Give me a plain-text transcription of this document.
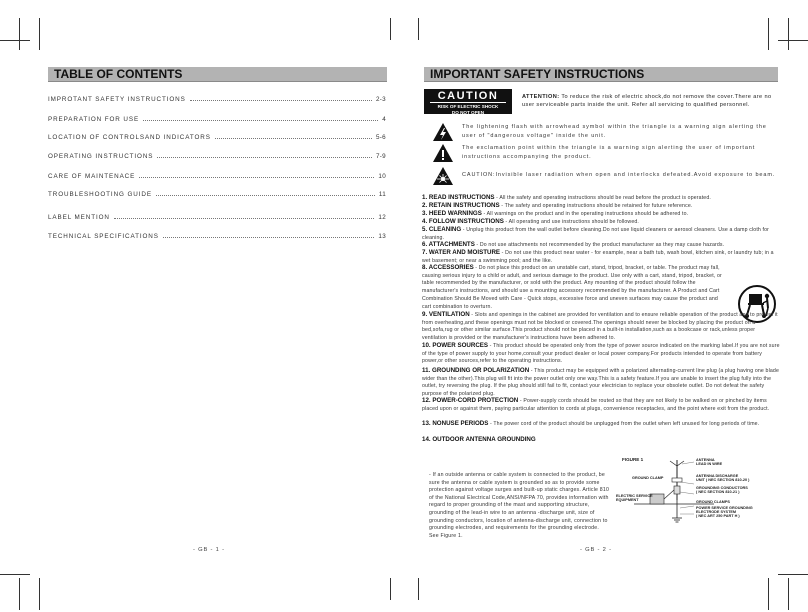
TABLE OF CONTENTS
IMPROTANT SAFETY INSTRUCTIONS	2-3
PREPARATION FOR USE	4
LOCATION OF CONTROLSAND INDICATORS	5-6
OPERATING INSTRUCTIONS	7-9
CARE OF MAINTENACE	10
TROUBLESHOOTING GUIDE	11
LABEL MENTION	12
TECHNICAL SPECIFICATIONS	13
- GB - 1 -
IMPORTANT SAFETY INSTRUCTIONS
CAUTION
RISK OF ELECTRIC SHOCK
DO NOT OPEN
ATTENTION: To reduce the risk of electric shock,do not remove the cover.There are no user serviceable parts inside the unit. Refer all servicing to qualified personnel.
The lightening flash with arrowhead symbol within the triangle is a warning sign alerting the user of "dangerous voltage" inside the unit.
The exclamation point within the triangle is a warning sign alerting the user of important instructions accompanying the product.
CAUTION:Invisible laser radiation when open and interlocks defeated.Avoid exposure to beam.
1. READ INSTRUCTIONS - All the safety and operating instructions should be read before the product is operated.
2. RETAIN INSTRUCTIONS - The safety and operating instructions should be retained for future reference.
3. HEED WARNINGS - All warnings on the product and in the operating instructions should be adhered to.
4. FOLLOW INSTRUCTIONS - All operating and use instructions should be followed.
5. CLEANING - Unplug this product from the wall outlet before cleaning.Do not use liquid cleaners or aerosol cleaners. Use a damp cloth for cleaning.
6. ATTACHMENTS - Do not use attachments not recommended by the product manufacturer as they may cause hazards.
7. WATER AND MOISTURE - Do not use this product near water - for example, near a bath tub, wash bowl, kitchen sink, or laundry tub; in a wet basement; or near a swimming pool; and the like.
8. ACCESSORIES - Do not place this product on an unstable cart, stand, tripod, bracket, or table. The product may fall, causing serious injury to a child or adult, and serious damage to the product. Use only with a cart, stand, tripod, bracket, or table recommended by the manufacturer, or sold with the product. Any mounting of the product should follow the manufacturer's instructions, and should use a mounting accessory recommended by the manufacturer. A Product and Cart Combination Should Be Moved with Care - Quick stops, excessive force and uneven surfaces may cause the product and cart combination to overturn.
9. VENTILATION - Slots and openings in the cabinet are provided for ventilation and to ensure reliable operation of the product and to protect it from overheating,and these openings must not be blocked or covered.The openings should never be blocked by placing the product on a bed,sofa,rug or other similar surface.This product should not be placed in a built-in installation,such as a bookcase or rack,unless proper ventilation is provided or the manufacturer's instructions have been adhered to.
10. POWER SOURCES - This product should be operated only from the type of power source indicated on the marking label.If you are not sure of the type of power supply to your home,consult your product dealer or local power company.For products intended to operate from battery power,or other sources,refer to the operating instructions.
11. GROUNDING OR POLARIZATION - This product may be equipped with a polarized alternating-current line plug (a plug having one blade wider than the other).This plug will fit into the power outlet only one way.This is a safety feature.If you are unable to insert the plug fully into the outlet, try reversing the plug. If the plug should still fail to fit, contact your electrician to replace your obsolete outlet. Do not defeat the safety purpose of the polarized plug.
12. POWER-CORD PROTECTION - Power-supply cords should be routed so that they are not likely to be walked on or pinched by items placed upon or against them, paying particular attention to cords at plugs, convenience receptacles, and the point where exit from the product.
13. NONUSE PERIODS - The power cord of the product should be unplugged from the outlet when left unused for long periods of time.
14. OUTDOOR ANTENNA GROUNDING
- If an outside antenna or cable system is connected to the product, be sure the antenna or cable system is grounded so as to provide some protection against voltage surges and built-up static charges. Article 810 of the National Electrical Code,ANSI/NFPA 70, provides information with regard to proper grounding of the mast and supporting structure, grounding of the lead-in wire to an antenna -discharge unit, size of grounding conductors, location of antenna-discharge unit, connection to grounding electrodes, and requirements for the grounding electrode.
See Figure 1.
FIGURE 1	ANTENNA
LEAD IN WIRE
GROUND CLAMP	ANTENNA DISCHARGE
UNIT ( NEC SECTION 810-20 )
GROUNDING CONDUCTORS
( NEC SECTION 810-21 )
ELECTRIC SERVICE
EQUIPMENT	GROUND CLAMPS
POWER SERVICE GROUNDING
ELECTRODE SYSTEM
( NEC ART 250 PART H )
- GB - 2 -
